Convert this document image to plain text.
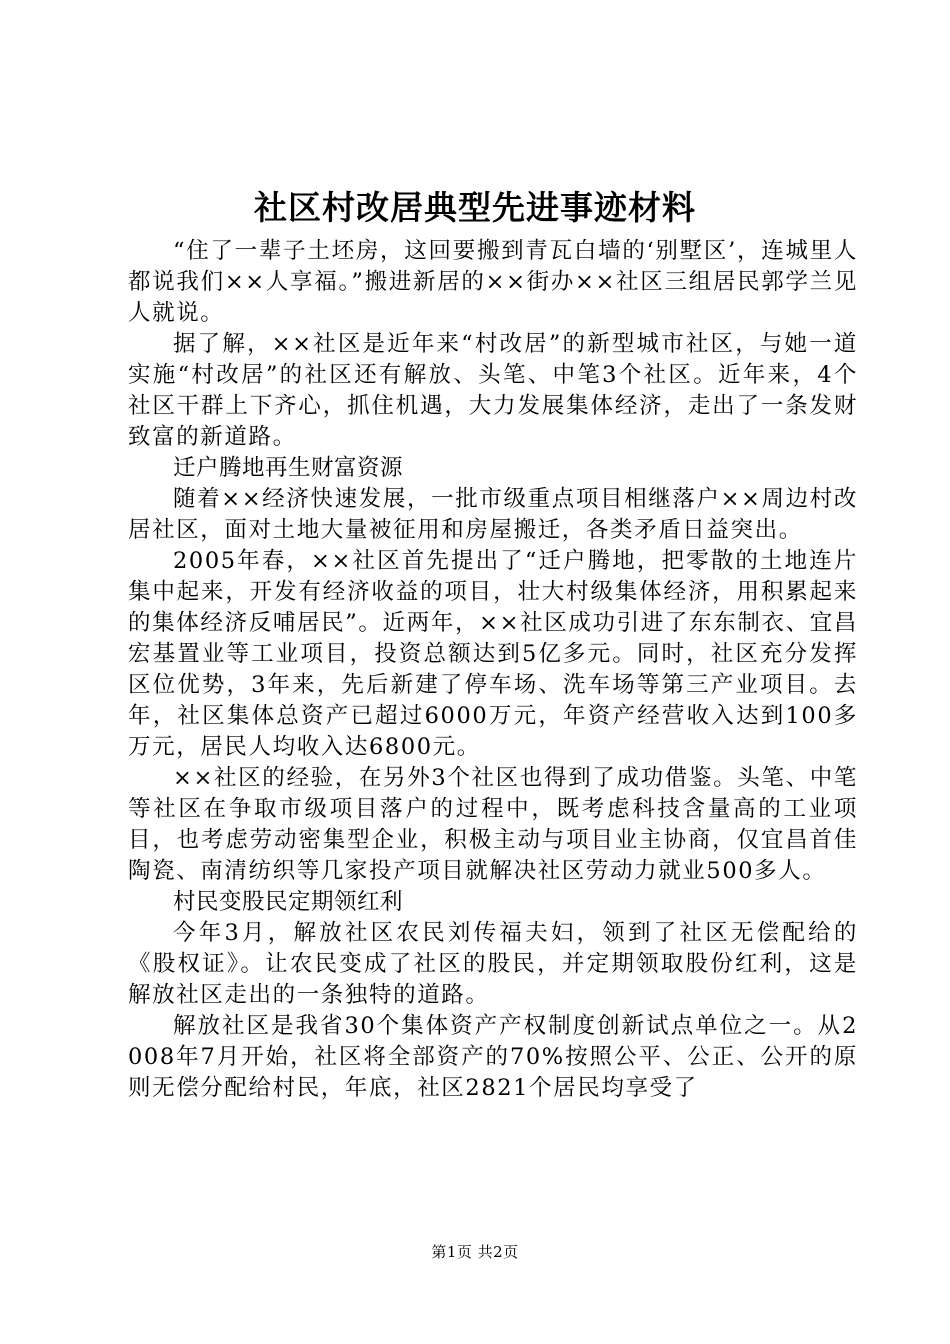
社区村改居典型先进事迹材料

“住了一辈子土坯房，这回要搬到青瓦白墙的‘别墅区’，连城里人都说我们××人享福。”搬进新居的××街办××社区三组居民郭学兰见人就说。

据了解，××社区是近年来“村改居”的新型城市社区，与她一道实施“村改居”的社区还有解放、头笔、中笔3个社区。近年来，4个社区干群上下齐心，抓住机遇，大力发展集体经济，走出了一条发财致富的新道路。

迁户腾地再生财富资源

随着××经济快速发展，一批市级重点项目相继落户××周边村改居社区，面对土地大量被征用和房屋搬迁，各类矛盾日益突出。

2005年春，××社区首先提出了“迁户腾地，把零散的土地连片集中起来，开发有经济收益的项目，壮大村级集体经济，用积累起来的集体经济反哺居民”。近两年，××社区成功引进了东东制衣、宜昌宏基置业等工业项目，投资总额达到5亿多元。同时，社区充分发挥区位优势，3年来，先后新建了停车场、洗车场等第三产业项目。去年，社区集体总资产已超过6000万元，年资产经营收入达到100多万元，居民人均收入达6800元。

××社区的经验，在另外3个社区也得到了成功借鉴。头笔、中笔等社区在争取市级项目落户的过程中，既考虑科技含量高的工业项目，也考虑劳动密集型企业，积极主动与项目业主协商，仅宜昌首佳陶瓷、南清纺织等几家投产项目就解决社区劳动力就业500多人。

村民变股民定期领红利

今年3月，解放社区农民刘传福夫妇，领到了社区无偿配给的《股权证》。让农民变成了社区的股民，并定期领取股份红利，这是解放社区走出的一条独特的道路。

解放社区是我省30个集体资产产权制度创新试点单位之一。从2008年7月开始，社区将全部资产的70%按照公平、公正、公开的原则无偿分配给村民，年底，社区2821个居民均享受了

第1页 共2页
